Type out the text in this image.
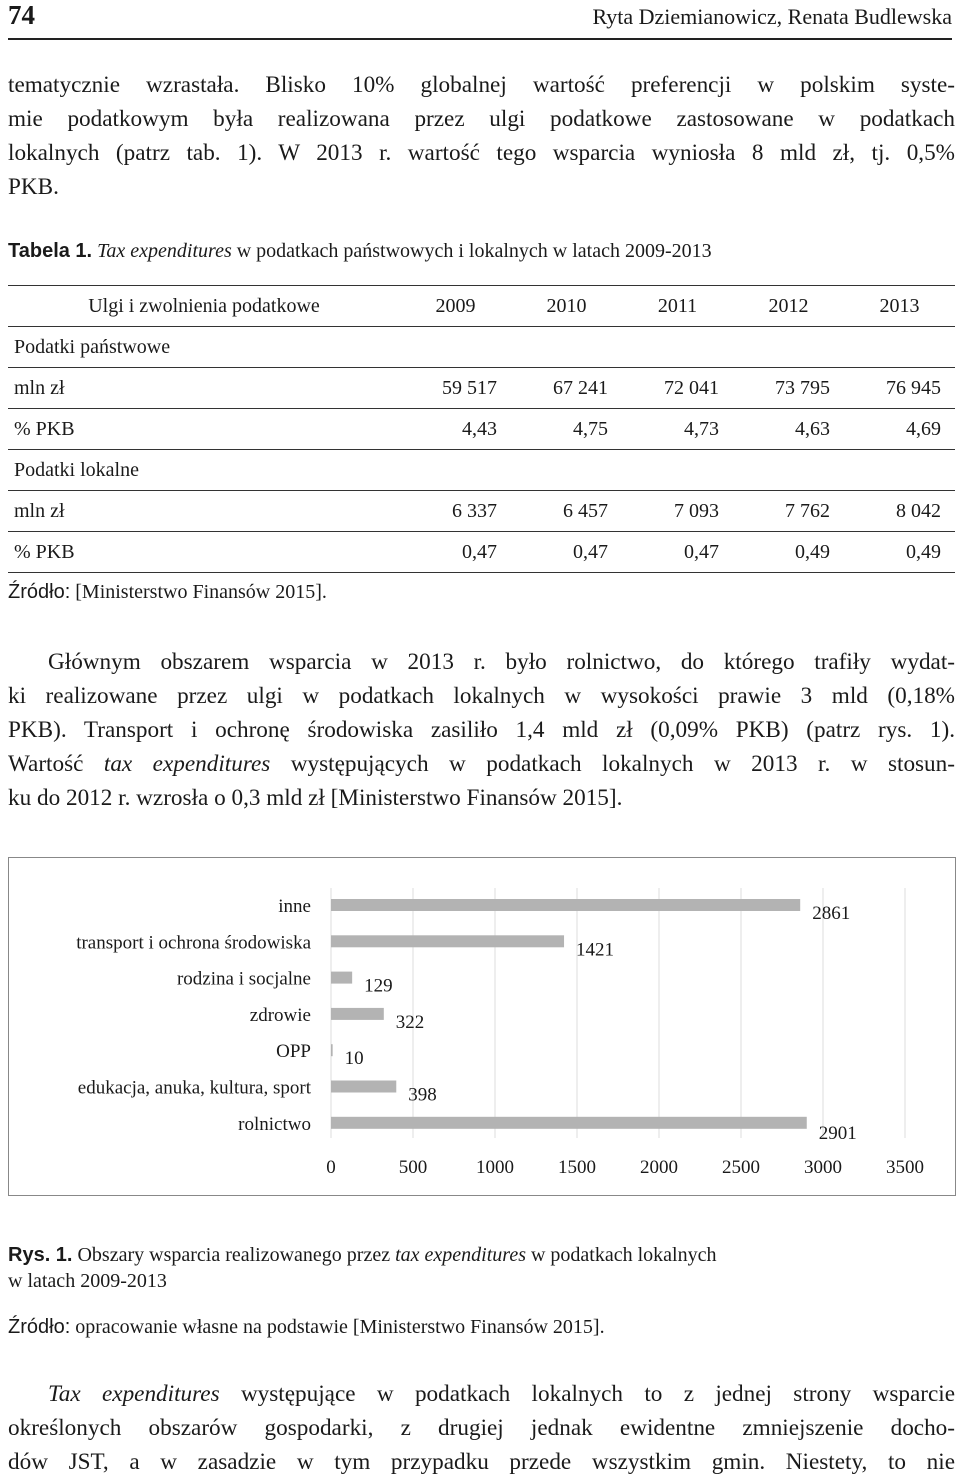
74	Ryta Dziemianowicz, Renata Budlewska
tematycznie wzrastała. Blisko 10% globalnej wartość preferencji w polskim syste-
mie podatkowym była realizowana przez ulgi podatkowe zastosowane w podatkach
lokalnych (patrz tab. 1). W 2013 r. wartość tego wsparcia wyniosła 8 mld zł, tj. 0,5%
PKB.
Tabela 1. Tax expenditures w podatkach państwowych i lokalnych w latach 2009-2013
Ulgi i zwolnienia podatkowe	2009	2010	2011	2012	2013
Podatki państwowe					
mln zł	59 517	67 241	72 041	73 795	76 945
% PKB	4,43	4,75	4,73	4,63	4,69
Podatki lokalne					
mln zł	6 337	6 457	7 093	7 762	8 042
% PKB	0,47	0,47	0,47	0,49	0,49
Źródło: [Ministerstwo Finansów 2015].
Głównym obszarem wsparcia w 2013 r. było rolnictwo, do którego trafiły wydat-
ki realizowane przez ulgi w podatkach lokalnych w wysokości prawie 3 mld (0,18%
PKB). Transport i ochronę środowiska zasiliło 1,4 mld zł (0,09% PKB) (patrz rys. 1).
Wartość tax expenditures występujących w podatkach lokalnych w 2013 r. w stosun-
ku do 2012 r. wzrosła o 0,3 mld zł [Ministerstwo Finansów 2015].
0	500	1000 1500 2000 2500 3000 3500
inne	2861
transport i ochrona środowiska	1421
rodzina i socjalne	129
zdrowie	322
OPP 10
edukacja, anuka, kultura, sport	398
rolnictwo	2901
Rys. 1. Obszary wsparcia realizowanego przez tax expenditures w podatkach lokalnych
w latach 2009-2013
Źródło: opracowanie własne na podstawie [Ministerstwo Finansów 2015].
Tax expenditures występujące w podatkach lokalnych to z jednej strony wsparcie
określonych obszarów gospodarki, z drugiej jednak ewidentne zmniejszenie docho-
dów JST, a w zasadzie w tym przypadku przede wszystkim gmin. Niestety, to nie
